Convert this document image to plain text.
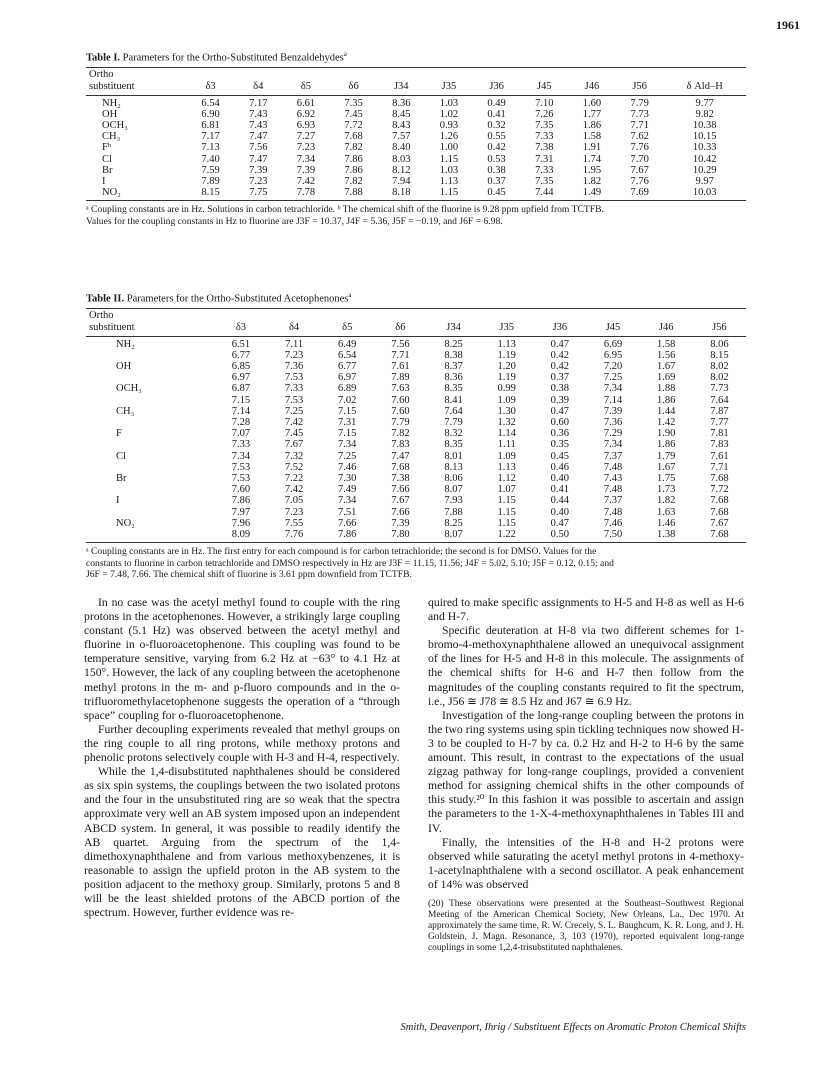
1961
Table I. Parameters for the Ortho-Substituted Benzaldehydes$^a$
Ortho											
substituent	δ3	δ4	δ5	δ6	J34	J35	J36	J45	J46	J56	δ Ald–H
NH₂	6.54	7.17	6.61	7.35	8.36	1.03	0.49	7.10	1.60	7.79	9.77
OH	6.90	7.43	6.92	7.45	8.45	1.02	0.41	7.26	1.77	7.73	9.82
OCH₃	6.81	7.43	6.93	7.72	8.43	0.93	0.32	7.35	1.86	7.71	10.38
CH₃	7.17	7.47	7.27	7.68	7.57	1.26	0.55	7.33	1.58	7.62	10.15
Fᵇ	7.13	7.56	7.23	7.82	8.40	1.00	0.42	7.38	1.91	7.76	10.33
Cl	7.40	7.47	7.34	7.86	8.03	1.15	0.53	7.31	1.74	7.70	10.42
Br	7.59	7.39	7.39	7.86	8.12	1.03	0.38	7.33	1.95	7.67	10.29
I	7.89	7.23	7.42	7.82	7.94	1.13	0.37	7.35	1.82	7.76	9.97
NO₂	8.15	7.75	7.78	7.88	8.18	1.15	0.45	7.44	1.49	7.69	10.03
ᵃ Coupling constants are in Hz. Solutions in carbon tetrachloride. ᵇ The chemical shift of the fluorine is 9.28 ppm upfield from TCTFB.
Values for the coupling constants in Hz to fluorine are J3F = 10.37, J4F = 5.36, J5F = −0.19, and J6F = 6.98.
Table II. Parameters for the Ortho-Substituted Acetophenones$^a$
Ortho										
substituent	δ3	δ4	δ5	δ6	J34	J35	J36	J45	J46	J56
NH₂	6.51	7.11	6.49	7.56	8.25	1.13	0.47	6.69	1.58	8.06
	6.77	7.23	6.54	7.71	8.38	1.19	0.42	6.95	1.56	8.15
OH	6.85	7.36	6.77	7.61	8.37	1.20	0.42	7.20	1.67	8.02
	6.97	7.53	6.97	7.89	8.36	1.19	0.37	7.25	1.69	8.02
OCH₃	6.87	7.33	6.89	7.63	8.35	0.99	0.38	7.34	1.88	7.73
	7.15	7.53	7.02	7.60	8.41	1.09	0.39	7.14	1.86	7.64
CH₃	7.14	7.25	7.15	7.60	7.64	1.30	0.47	7.39	1.44	7.87
	7.28	7.42	7.31	7.79	7.79	1.32	0.60	7.36	1.42	7.77
F	7.07	7.45	7.15	7.82	8.32	1.14	0.36	7.29	1.90	7.81
	7.33	7.67	7.34	7.83	8.35	1.11	0.35	7.34	1.86	7.83
Cl	7.34	7.32	7.25	7.47	8.01	1.09	0.45	7.37	1.79	7.61
	7.53	7.52	7.46	7.68	8.13	1.13	0.46	7.48	1.67	7.71
Br	7.53	7.22	7.30	7.38	8.06	1.12	0.40	7.43	1.75	7.68
	7.60	7.42	7.49	7.66	8.07	1.07	0.41	7.48	1.73	7.72
I	7.86	7.05	7.34	7.67	7.93	1.15	0.44	7.37	1.82	7.68
	7.97	7.23	7.51	7.66	7.88	1.15	0.40	7.48	1.63	7.68
NO₂	7.96	7.55	7.66	7.39	8.25	1.15	0.47	7.46	1.46	7.67
	8.09	7.76	7.86	7.80	8.07	1.22	0.50	7.50	1.38	7.68
ᵃ Coupling constants are in Hz. The first entry for each compound is for carbon tetrachloride; the second is for DMSO. Values for the
constants to fluorine in carbon tetrachloride and DMSO respectively in Hz are J3F = 11.15, 11.56; J4F = 5.02, 5.10; J5F = 0.12, 0.15; and
J6F = 7.48, 7.66. The chemical shift of fluorine is 3.61 ppm downfield from TCTFB.

In no case was the acetyl methyl found to couple with the ring protons in the acetophenones. However, a strikingly large coupling constant (5.1 Hz) was observed between the acetyl methyl and fluorine in o-fluoroacetophenone. This coupling was found to be temperature sensitive, varying from 6.2 Hz at −63° to 4.1 Hz at 150°. However, the lack of any coupling between the acetophenone methyl protons in the m- and p-fluoro compounds and in the o-trifluoromethylacetophenone suggests the operation of a “through space” coupling for o-fluoroacetophenone.

Further decoupling experiments revealed that methyl groups on the ring couple to all ring protons, while methoxy protons and phenolic protons selectively couple with H-3 and H-4, respectively.

While the 1,4-disubstituted naphthalenes should be considered as six spin systems, the couplings between the two isolated protons and the four in the unsubstituted ring are so weak that the spectra approximate very well an AB system imposed upon an independent ABCD system. In general, it was possible to readily identify the AB quartet. Arguing from the spectrum of the 1,4-dimethoxynaphthalene and from various methoxybenzenes, it is reasonable to assign the upfield proton in the AB system to the position adjacent to the methoxy group. Similarly, protons 5 and 8 will be the least shielded protons of the ABCD portion of the spectrum. However, further evidence was re-

quired to make specific assignments to H-5 and H-8 as well as H-6 and H-7.

Specific deuteration at H-8 via two different schemes for 1-bromo-4-methoxynaphthalene allowed an unequivocal assignment of the lines for H-5 and H-8 in this molecule. The assignments of the chemical shifts for H-6 and H-7 then follow from the magnitudes of the coupling constants required to fit the spectrum, i.e., J56 ≅ J78 ≅ 8.5 Hz and J67 ≅ 6.9 Hz.

Investigation of the long-range coupling between the protons in the two ring systems using spin tickling techniques now showed H-3 to be coupled to H-7 by ca. 0.2 Hz and H-2 to H-6 by the same amount. This result, in contrast to the expectations of the usual zigzag pathway for long-range couplings, provided a convenient method for assigning chemical shifts in the other compounds of this study.²⁰ In this fashion it was possible to ascertain and assign the parameters to the 1-X-4-methoxynaphthalenes in Tables III and IV.

Finally, the intensities of the H-8 and H-2 protons were observed while saturating the acetyl methyl protons in 4-methoxy-1-acetylnaphthalene with a second oscillator. A peak enhancement of 14% was observed

(20) These observations were presented at the Southeast–Southwest Regional Meeting of the American Chemical Society, New Orleans, La., Dec 1970. At approximately the same time, R. W. Crecely, S. L. Baughcum, K. R. Long, and J. H. Goldstein, J. Magn. Resonance, 3, 103 (1970), reported equivalent long-range couplings in some 1,2,4-trisubstituted naphthalenes.
Smith, Deavenport, Ihrig / Substituent Effects on Aromatic Proton Chemical Shifts
